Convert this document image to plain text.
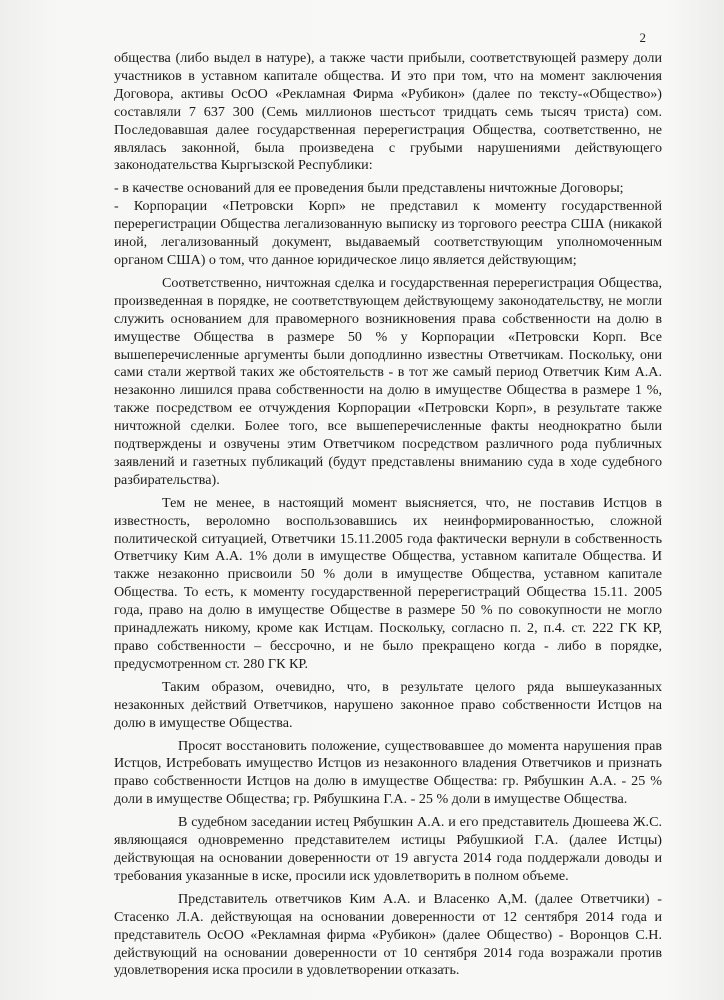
2

общества (либо выдел в натуре), а также части прибыли, соответствующей размеру доли участников в уставном капитале общества. И это при том, что на момент заключения Договора, активы ОсОО «Рекламная Фирма «Рубикон» (далее по тексту-«Общество») составляли 7 637 300 (Семь миллионов шестьсот тридцать семь тысяч триста) сом. Последовавшая далее государственная перерегистрация Общества, соответственно, не являлась законной, была произведена с грубыми нарушениями действующего законодательства Кыргызской Республики:

- в качестве оснований для ее проведения были представлены ничтожные Договоры;

- Корпорации «Петровски Корп» не представил к моменту государственной перерегистрации Общества легализованную выписку из торгового реестра США (никакой иной, легализованный документ, выдаваемый соответствующим уполномоченным органом США) о том, что данное юридическое лицо является действующим;

Соответственно, ничтожная сделка и государственная перерегистрация Общества, произведенная в порядке, не соответствующем действующему законодательству, не могли служить основанием для правомерного возникновения права собственности на долю в имуществе Общества в размере 50 % у Корпорации «Петровски Корп. Все вышеперечисленные аргументы были доподлинно известны Ответчикам. Поскольку, они сами стали жертвой таких же обстоятельств - в тот же самый период Ответчик Ким А.А. незаконно лишился права собственности на долю в имуществе Общества в размере 1 %, также посредством ее отчуждения Корпорации «Петровски Корп», в результате также ничтожной сделки. Более того, все вышеперечисленные факты неоднократно были подтверждены и озвучены этим Ответчиком посредством различного рода публичных заявлений и газетных публикаций (будут представлены вниманию суда в ходе судебного разбирательства).

Тем не менее, в настоящий момент выясняется, что, не поставив Истцов в известность, вероломно воспользовавшись их неинформированностью, сложной политической ситуацией, Ответчики 15.11.2005 года фактически вернули в собственность Ответчику Ким А.А. 1% доли в имуществе Общества, уставном капитале Общества. И также незаконно присвоили 50 % доли в имуществе Общества, уставном капитале Общества. То есть, к моменту государственной перерегистраций Общества 15.11. 2005 года, право на долю в имуществе Обществе в размере 50 % по совокупности не могло принадлежать никому, кроме как Истцам. Поскольку, согласно п. 2, п.4. ст. 222 ГК КР, право собственности – бессрочно, и не было прекращено когда - либо в порядке, предусмотренном ст. 280 ГК КР.

Таким образом, очевидно, что, в результате целого ряда вышеуказанных незаконных действий Ответчиков, нарушено законное право собственности Истцов на долю в имуществе Общества.

Просят восстановить положение, существовавшее до момента нарушения прав Истцов, Истребовать имущество Истцов из незаконного владения Ответчиков и признать право собственности Истцов на долю в имуществе Общества: гр. Рябушкин А.А. - 25 % доли в имуществе Общества; гр. Рябушкина Г.А. - 25 % доли в имуществе Общества.

В судебном заседании истец Рябушкин А.А. и его представитель Дюшеева Ж.С. являющаяся одновременно представителем истицы Рябушкиой Г.А. (далее Истцы) действующая на основании доверенности от 19 августа 2014 года поддержали доводы и требования указанные в иске, просили иск удовлетворить в полном объеме.

Представитель ответчиков Ким А.А. и Власенко А,М. (далее Ответчики) - Стасенко Л.А. действующая на основании доверенности от 12 сентября 2014 года и представитель ОсОО «Рекламная фирма «Рубикон» (далее Общество) - Воронцов С.Н. действующий на основании доверенности от 10 сентября 2014 года возражали против удовлетворения иска просили в удовлетворении отказать.
